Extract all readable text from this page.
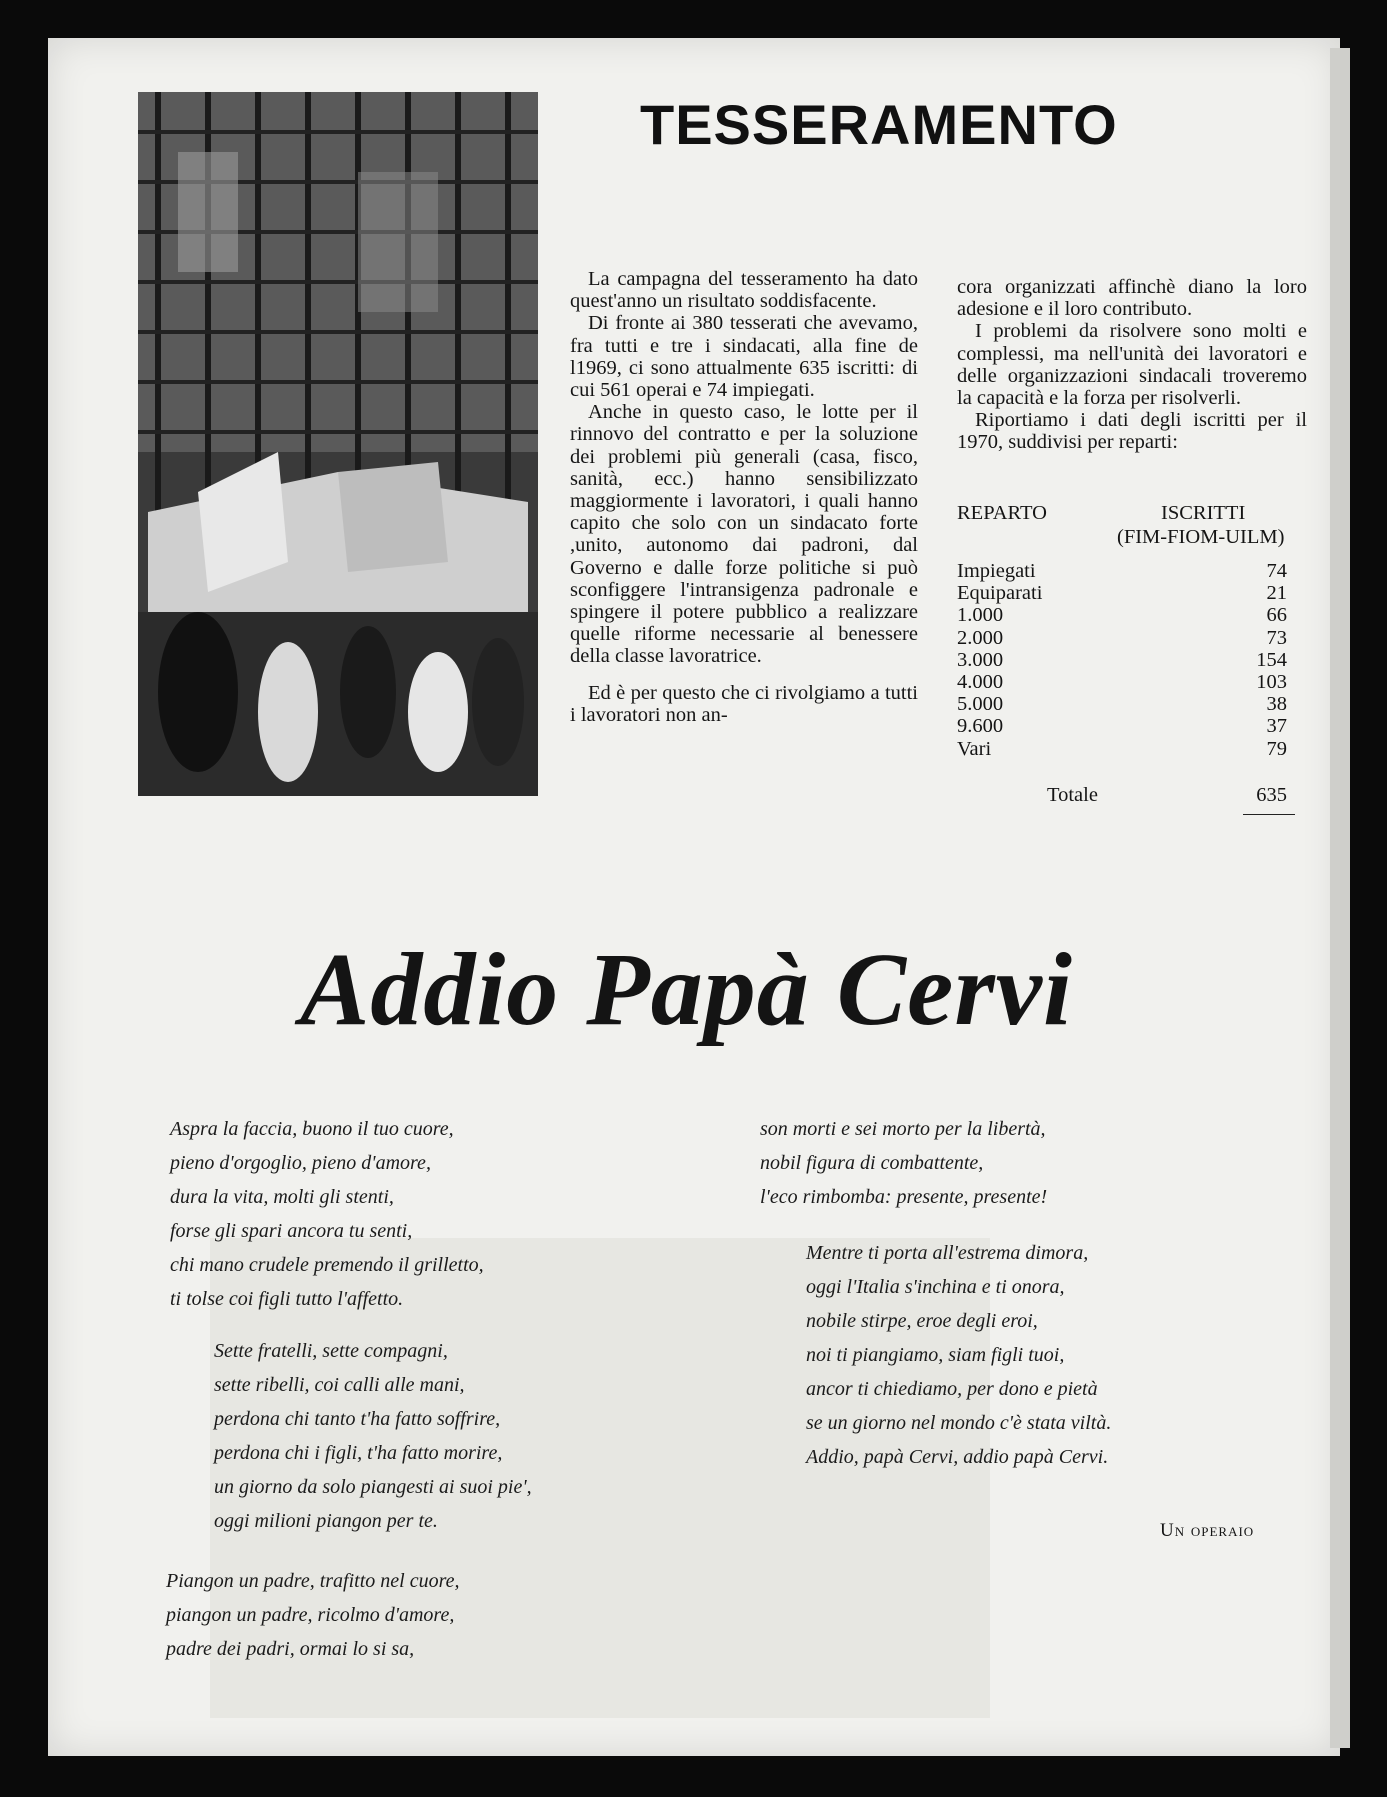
TESSERAMENTO

La campagna del tesseramento ha dato quest'anno un risultato soddisfacente.

Di fronte ai 380 tesserati che avevamo, fra tutti e tre i sindacati, alla fine de l1969, ci sono attualmente 635 iscritti: di cui 561 operai e 74 impiegati.

Anche in questo caso, le lotte per il rinnovo del contratto e per la soluzione dei problemi più generali (casa, fisco, sanità, ecc.) hanno sensibilizzato maggiormente i lavoratori, i quali hanno capito che solo con un sindacato forte ,unito, autonomo dai padroni, dal Governo e dalle forze politiche si può sconfiggere l'intransigenza padronale e spingere il potere pubblico a realizzare quelle riforme necessarie al benessere della classe lavoratrice.

Ed è per questo che ci rivolgiamo a tutti i lavoratori non an-

cora organizzati affinchè diano la loro adesione e il loro contributo.

I problemi da risolvere sono molti e complessi, ma nell'unità dei lavoratori e delle organizzazioni sindacali troveremo la capacità e la forza per risolverli.

Riportiamo i dati degli iscritti per il 1970, suddivisi per reparti:

REPARTO	ISCRITTI
(FIM-FIOM-UILM)
Impiegati	74
Equiparati	21
1.000	66
2.000	73
3.000	154
4.000	103
5.000	38
9.600	37
Vari	79
Totale	635
Addio Papà Cervi
Aspra la faccia, buono il tuo cuore,
pieno d'orgoglio, pieno d'amore,
dura la vita, molti gli stenti,
forse gli spari ancora tu senti,
chi mano crudele premendo il grilletto,
ti tolse coi figli tutto l'affetto.
Sette fratelli, sette compagni,
sette ribelli, coi calli alle mani,
perdona chi tanto t'ha fatto soffrire,
perdona chi i figli, t'ha fatto morire,
un giorno da solo piangesti ai suoi pie',
oggi milioni piangon per te.
Piangon un padre, trafitto nel cuore,
piangon un padre, ricolmo d'amore,
padre dei padri, ormai lo si sa,
son morti e sei morto per la libertà,
nobil figura di combattente,
l'eco rimbomba: presente, presente!
Mentre ti porta all'estrema dimora,
oggi l'Italia s'inchina e ti onora,
nobile stirpe, eroe degli eroi,
noi ti piangiamo, siam figli tuoi,
ancor ti chiediamo, per dono e pietà
se un giorno nel mondo c'è stata viltà.
Addio, papà Cervi, addio papà Cervi.
Un operaio
